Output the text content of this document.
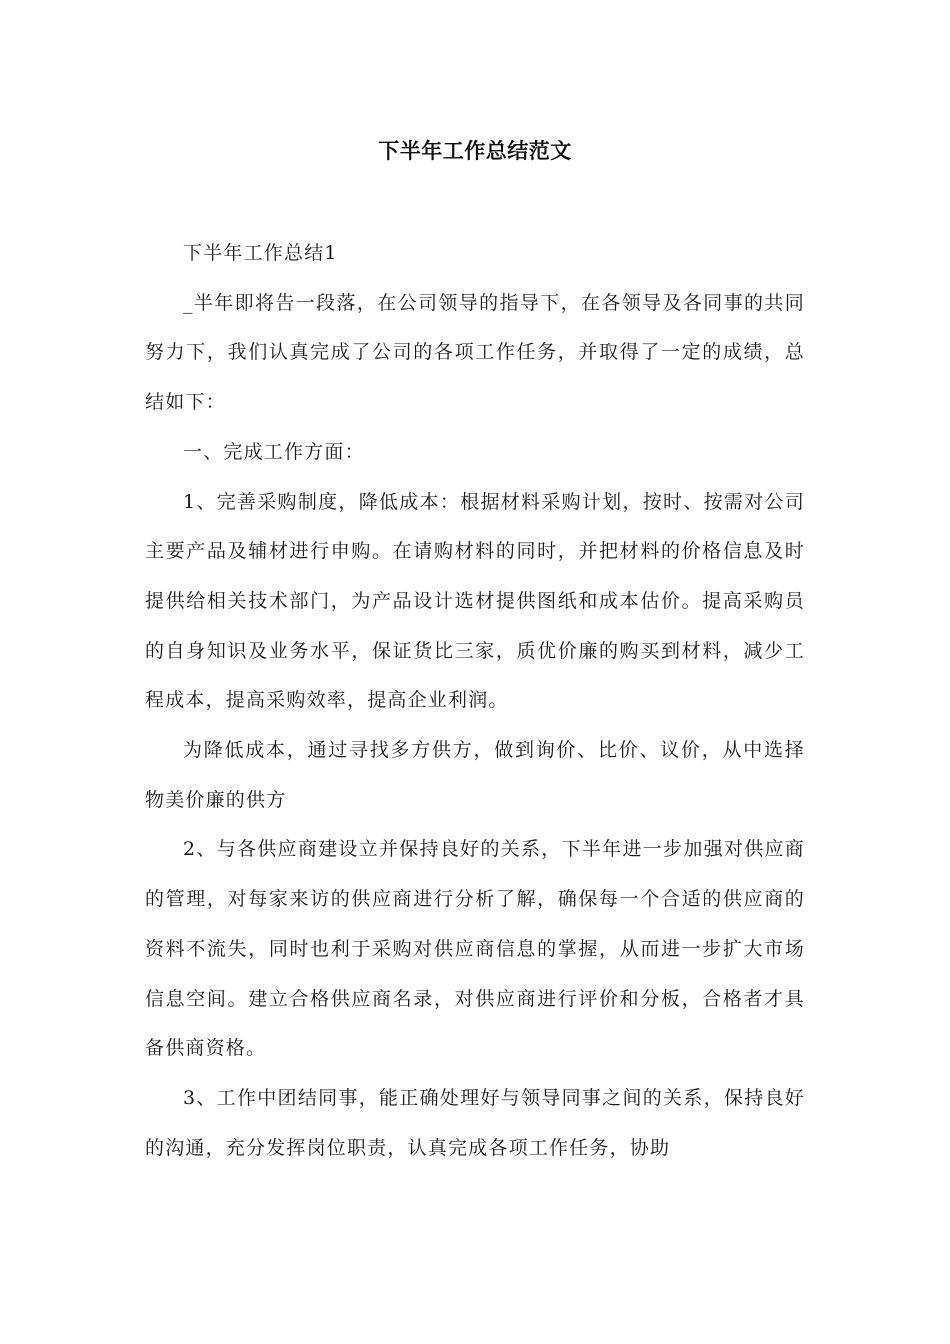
下半年工作总结范文

下半年工作总结1

_半年即将告一段落，在公司领导的指导下，在各领导及各同事的共同努力下，我们认真完成了公司的各项工作任务，并取得了一定的成绩，总结如下：

一、完成工作方面：

1、完善采购制度，降低成本：根据材料采购计划，按时、按需对公司主要产品及辅材进行申购。在请购材料的同时，并把材料的价格信息及时提供给相关技术部门，为产品设计选材提供图纸和成本估价。提高采购员的自身知识及业务水平，保证货比三家，质优价廉的购买到材料，减少工程成本，提高采购效率，提高企业利润。

为降低成本，通过寻找多方供方，做到询价、比价、议价，从中选择物美价廉的供方

2、与各供应商建设立并保持良好的关系，下半年进一步加强对供应商的管理，对每家来访的供应商进行分析了解，确保每一个合适的供应商的资料不流失，同时也利于采购对供应商信息的掌握，从而进一步扩大市场信息空间。建立合格供应商名录，对供应商进行评价和分板，合格者才具备供商资格。

3、工作中团结同事，能正确处理好与领导同事之间的关系，保持良好的沟通，充分发挥岗位职责，认真完成各项工作任务，协助
